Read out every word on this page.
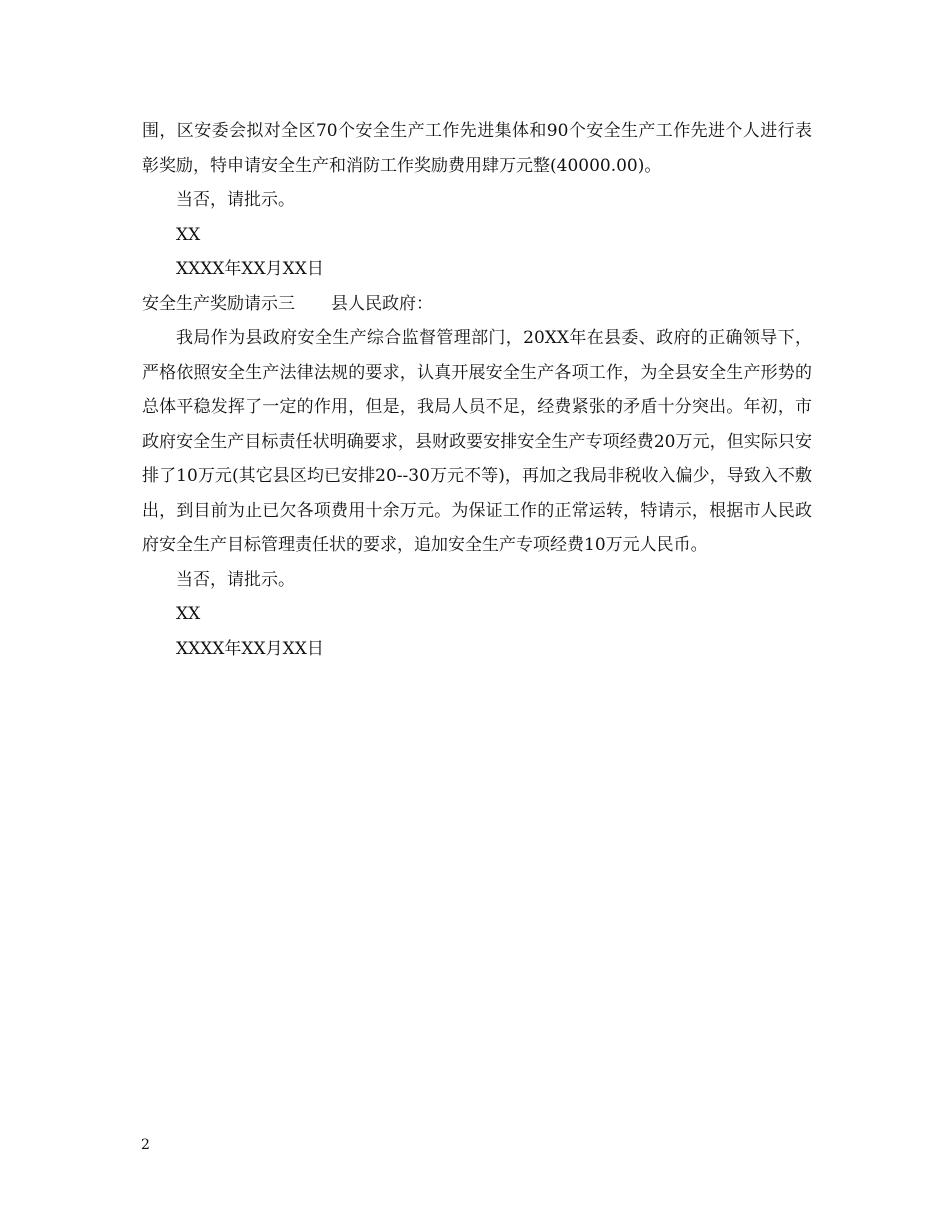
围，区安委会拟对全区70个安全生产工作先进集体和90个安全生产工作先进个人进行表彰奖励，特申请安全生产和消防工作奖励费用肆万元整(40000.00)。

当否，请批示。

XX

XXXX年XX月XX日

安全生产奖励请示三 县人民政府：

我局作为县政府安全生产综合监督管理部门，20XX年在县委、政府的正确领导下，严格依照安全生产法律法规的要求，认真开展安全生产各项工作，为全县安全生产形势的总体平稳发挥了一定的作用，但是，我局人员不足，经费紧张的矛盾十分突出。年初，市政府安全生产目标责任状明确要求，县财政要安排安全生产专项经费20万元，但实际只安排了10万元(其它县区均已安排20--30万元不等)，再加之我局非税收入偏少，导致入不敷出，到目前为止已欠各项费用十余万元。为保证工作的正常运转，特请示，根据市人民政府安全生产目标管理责任状的要求，追加安全生产专项经费10万元人民币。

当否，请批示。

XX

XXXX年XX月XX日

2
